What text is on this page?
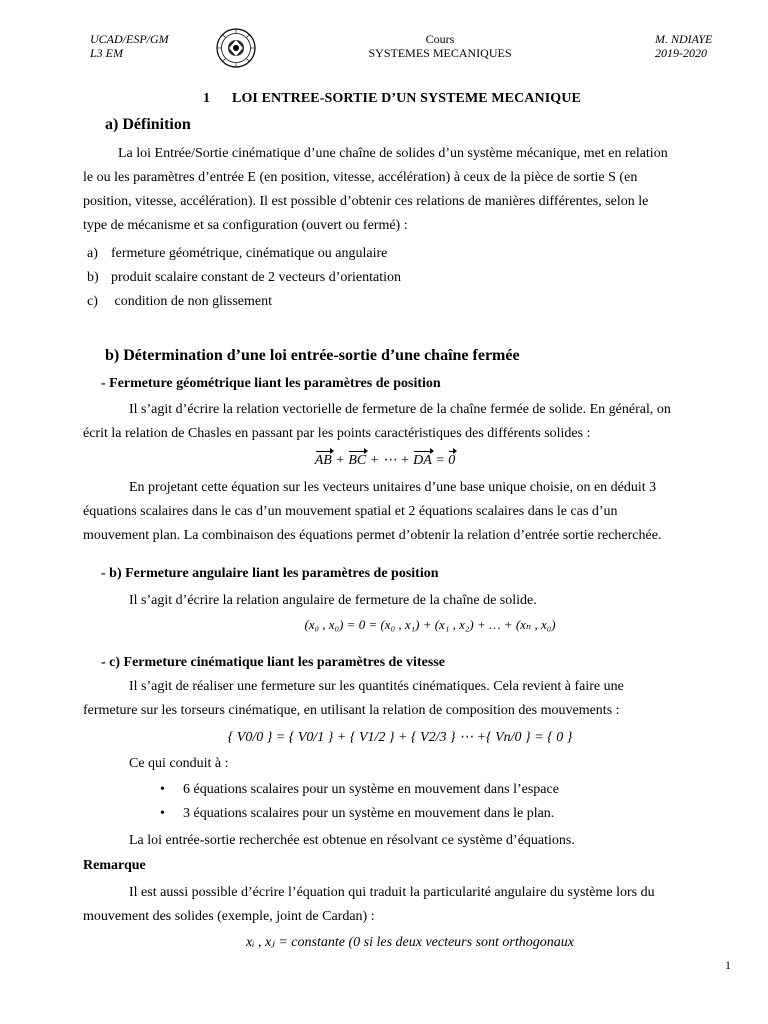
UCAD/ESP/GM
L3 EM
Cours
SYSTEMES MECANIQUES
M. NDIAYE
2019-2020
1 LOI ENTREE-SORTIE D’UN SYSTEME MECANIQUE
a) Définition
La loi Entrée/Sortie cinématique d’une chaîne de solides d’un système mécanique, met en relation
le ou les paramètres d’entrée E (en position, vitesse, accélération) à ceux de la pièce de sortie S (en
position, vitesse, accélération). Il est possible d’obtenir ces relations de manières différentes, selon le
type de mécanisme et sa configuration (ouvert ou fermé) :
a) fermeture géométrique, cinématique ou angulaire
b) produit scalaire constant de 2 vecteurs d’orientation
c) condition de non glissement
b) Détermination d’une loi entrée-sortie d’une chaîne fermée
- Fermeture géométrique liant les paramètres de position
Il s’agit d’écrire la relation vectorielle de fermeture de la chaîne fermée de solide. En général, on
écrit la relation de Chasles en passant par les points caractéristiques des différents solides :
AB + BC + ⋯ + DA = 0
En projetant cette équation sur les vecteurs unitaires d’une base unique choisie, on en déduit 3
équations scalaires dans le cas d’un mouvement spatial et 2 équations scalaires dans le cas d’un
mouvement plan. La combinaison des équations permet d’obtenir la relation d’entrée sortie recherchée.
- b) Fermeture angulaire liant les paramètres de position
Il s’agit d’écrire la relation angulaire de fermeture de la chaîne de solide.
(x₀ , x₀) = 0 = (x₀ , x₁) + (x₁ , x₂) + … + (xₙ , x₀)
- c) Fermeture cinématique liant les paramètres de vitesse
Il s’agit de réaliser une fermeture sur les quantités cinématiques. Cela revient à faire une
fermeture sur les torseurs cinématique, en utilisant la relation de composition des mouvements :
{ V0/0 } = { V0/1 } + { V1/2 } + { V2/3 } ⋯ +{ Vn/0 } = { 0 }
Ce qui conduit à :
• 6 équations scalaires pour un système en mouvement dans l’espace
• 3 équations scalaires pour un système en mouvement dans le plan.
La loi entrée-sortie recherchée est obtenue en résolvant ce système d’équations.
Remarque
Il est aussi possible d’écrire l’équation qui traduit la particularité angulaire du système lors du
mouvement des solides (exemple, joint de Cardan) :
xᵢ , xⱼ = constante (0 si les deux vecteurs sont orthogonaux
1
